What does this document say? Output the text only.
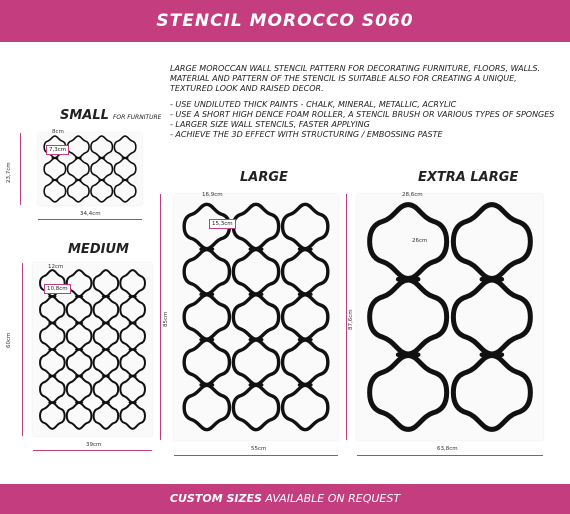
STENCIL MOROCCO S060

LARGE MOROCCAN WALL STENCIL PATTERN FOR DECORATING FURNITURE, FLOORS, WALLS. MATERIAL AND PATTERN OF THE STENCIL IS SUITABLE ALSO FOR CREATING A UNIQUE, TEXTURED LOOK AND RAISED DECOR.

- USE UNDILUTED THICK PAINTS - CHALK, MINERAL, METALLIC, ACRYLIC
- USE A SHORT HIGH DENCE FOAM ROLLER, A STENCIL BRUSH OR VARIOUS TYPES OF SPONGES
- LARGER SIZE WALL STENCILS, FASTER APPLYING
- ACHIEVE THE 3D EFFECT WITH STRUCTURING / EMBOSSING PASTE
SMALL FOR FURNITURE
34,4cm
23,7cm
8cm
7,3cm
MEDIUM
39cm
60cm
12cm
10,8cm
LARGE
55cm
85cm
16,9cm
15,3cm
EXTRA LARGE
63,8cm
87,6cm
28,6cm
26cm
CUSTOM SIZES AVAILABLE ON REQUEST
